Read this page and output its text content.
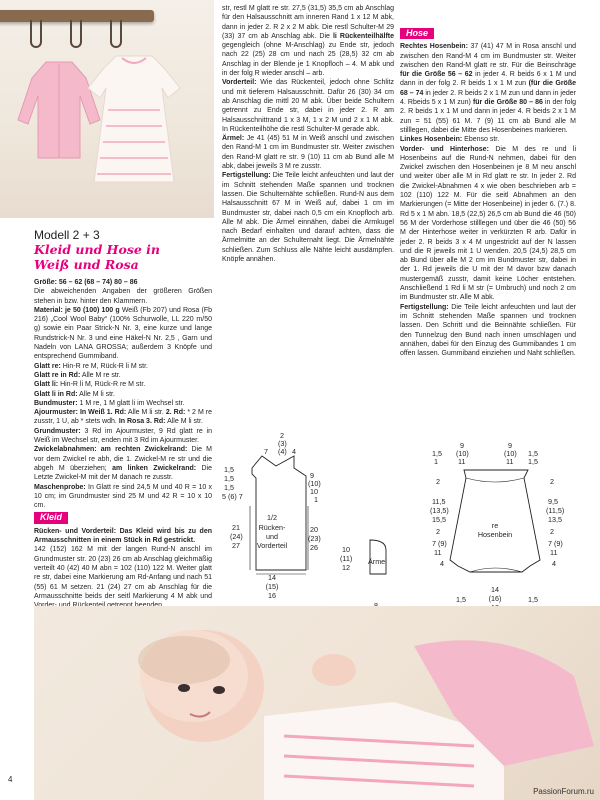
Modell 2 + 3
Kleid und Hose in
Weiß und Rosa

Größe: 56 – 62 (68 – 74) 80 – 86

Die abweichenden Angaben der größeren Größen stehen in bzw. hinter den Klammern.

Material: je 50 (100) 100 g Weiß (Fb 207) und Rosa (Fb 216) „Cool Wool Baby“ (100% Schurwolle, LL 220 m/50 g) sowie ein Paar Strick-N Nr. 3, eine kurze und lange Rundstrick-N Nr. 3 und eine Häkel-N Nr. 2,5 , Garn und Nadeln von LANA GROSSA; außerdem 3 Knöpfe und entsprechend Gummiband.

Glatt re: Hin-R re M, Rück-R li M str.

Glatt re in Rd: Alle M re str.

Glatt li: Hin-R li M, Rück-R re M str.

Glatt li in Rd: Alle M li str.

Bundmuster: 1 M re, 1 M glatt li im Wechsel str.

Ajourmuster: In Weiß 1. Rd: Alle M li str. 2. Rd: * 2 M re zusstr, 1 U, ab * stets wdh. In Rosa 3. Rd: Alle M li str.

Grundmuster: 3 Rd im Ajourmuster, 9 Rd glatt re in Weiß im Wechsel str, enden mit 3 Rd im Ajourmuster.

Zwickelabnahmen: am rechten Zwickelrand: Die M vor dem Zwickel re abh, die 1. Zwickel-M re str und die abgeh M überziehen; am linken Zwickelrand: Die Letzte Zwickel-M mit der M danach re zusstr.

Maschenprobe: In Glatt re sind 24,5 M und 40 R = 10 x 10 cm; im Grundmuster sind 25 M und 42 R = 10 x 10 cm.

Kleid

Rücken- und Vorderteil: Das Kleid wird bis zu den Armausschnitten in einem Stück in Rd gestrickt.

142 (152) 162 M mit der langen Rund-N anschl im Grundmuster str. 20 (23) 26 cm ab Anschlag gleichmäßig verteilt 40 (42) 40 M abn = 102 (110) 122 M. Weiter glatt re str, dabei eine Markierung am Rd-Anfang und nach 51 (55) 61 M setzen. 21 (24) 27 cm ab Anschlag für die Armausschnitte beids der seitl Markierung 4 M abk und

str, restl M glatt re str. 27,5 (31,5) 35,5 cm ab Anschlag für den Halsausschnitt am inneren Rand 1 x 12 M abk, dann in jeder 2. R 2 x 2 M abk. Die restl Schulter-M 29 (33) 37 cm ab Anschlag abk. Die li Rückenteilhälfte gegengleich (ohne M-Anschlag) zu Ende str, jedoch nach 22 (25) 28 cm und nach 25 (28,5) 32 cm ab Anschlag in der Blende je 1 Knopfloch – 4. M abk und in der folg R wieder anschl – arb.

Vorderteil: Wie das Rückenteil, jedoch ohne Schlitz und mit tieferem Halsausschnitt. Dafür 26 (30) 34 cm ab Anschlag die mittl 20 M abk. Über beide Schultern getrennt zu Ende str, dabei in jeder 2. R am Halsausschnittrand 1 x 3 M, 1 x 2 M und 2 x 1 M abk. In Rückenteilhöhe die restl Schulter-M gerade abk.

Ärmel: Je 41 (45) 51 M in Weiß anschl und zwischen den Rand-M 1 cm im Bundmuster str. Weiter zwischen den Rand-M glatt re str. 9 (10) 11 cm ab Bund alle M abk, dabei jeweils 3 M re zusstr.

Fertigstellung: Die Teile leicht anfeuchten und laut der im Schnitt stehenden Maße spannen und trocknen lassen. Die Schulternähte schließen. Rund-N aus dem Halsausschnitt 67 M in Weiß auf, dabei 1 cm im Bundmuster str, dabei nach 0,5 cm ein Knopfloch arb. Alle M abk. Die Ärmel einnähen, dabei die Armkugel nach Bedarf einhalten und darauf achten, dass die Ärmelmitte an der Schulternaht liegt. Die Ärmelnähte schließen. Zum Schluss alle Nähte leicht ausdämpfen. Knöpfe annähen.

Hose

Rechtes Hosenbein: 37 (41) 47 M in Rosa anschl und zwischen den Rand-M 4 cm im Bundmuster str. Weiter zwischen den Rand-M glatt re str. Für die Beinschräge für die Größe 56 – 62 in jeder 4. R beids 6 x 1 M und dann in der folg 2. R beids 1 x 1 M zun (für die Größe 68 – 74 in jeder 2. R beids 2 x 1 M zun und dann in jeder 4. Rbeids 5 x 1 M zun) für die Größe 80 – 86 in der folg 2. R beids 1 x 1 M und dann in jeder 4. R beids 2 x 1 M zun = 51 (55) 61 M. 7 (9) 11 cm ab Bund alle M stilllegen, dabei die Mitte des Hosenbeines markieren.

Linkes Hosenbein: Ebenso str.

Vorder- und Hinterhose: Die M des re und li Hosenbeins auf die Rund-N nehmen, dabei für den Zwickel zwischen den Hosenbeinen je 8 M neu anschl und weiter über alle M in Rd glatt re str. In jeder 2. Rd die Zwickel-Abnahmen 4 x wie oben beschrieben arb = 102 (110) 122 M. Für die seitl Abnahmen an den Markierungen (= Mitte der Hosenbeine) in jeder 6. (7.) 8. Rd 5 x 1 M abn. 18,5 (22,5) 26,5 cm ab Bund die 46 (50) 56 M der Vorderhose stilllegen und über die 46 (50) 56 M der Hinterhose weiter in verkürzten R arb. Dafür in jeder 2. R beids 3 x 4 M ungestrickt auf der N lassen und die R jeweils mit 1 U wenden. 20,5 (24,5) 28,5 cm ab Bund über alle M 2 cm im Bundmuster str, dabei in der 1. Rd jeweils die U mit der M davor bzw danach mustergemäß zusstr, damit keine Löcher entstehen. Anschließend 1 Rd li M str (= Umbruch) und noch 2 cm im Bundmuster str. Alle M abk.

Fertigstellung: Die Teile leicht anfeuchten und laut der im Schnitt stehenden Maße spannen und trocknen lassen. Den Schritt und die Beinnähte schließen. Für den Tunnelzug den Bund nach innen umschlagen und annähen, dabei für den Einzug des Gummibandes 1 cm offen lassen. Gummiband einziehen und Naht schließen.

2
(3)
7 (4) 4
1,5
1,5
1,5
5 (6) 7
9
(10)
10
1
21
(24)
27
20
(23)
26
1/2
Rücken-
und
Vorderteil
14
(15)
16
10
(11)
12
Ärmel
9
1,5 (10)
1	11
9
(10) 1,5
11 1,5
2
11,5
(13,5)
15,5
2
7 (9)
11
4
2
9,5
(11,5)
13,5
2
7 (9)
11
4
re
Hosenbein
14
(16)
1,5	1,5
4
PassionForum.ru
